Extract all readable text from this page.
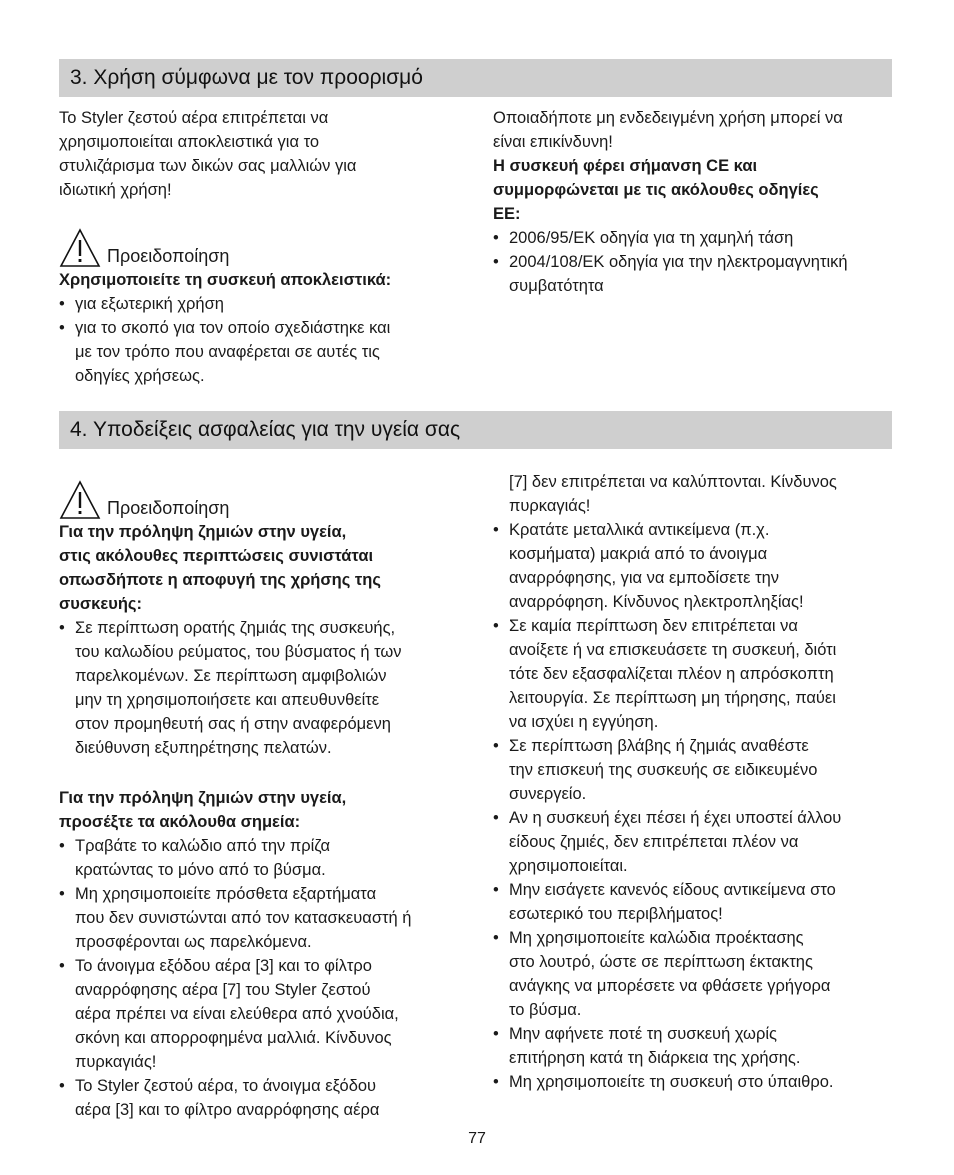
3. Χρήση σύμφωνα με τον προορισμό

Το Styler ζεστού αέρα επιτρέπεται να
χρησιμοποιείται αποκλειστικά για το
στυλιζάρισμα των δικών σας μαλλιών για
ιδιωτική χρήση!

Προειδοποίηση

Χρησιμοποιείτε τη συσκευή αποκλειστικά:

• για εξωτερική χρήση
• για το σκοπό για τον οποίο σχεδιάστηκε και
με τον τρόπο που αναφέρεται σε αυτές τις
οδηγίες χρήσεως.

Οποιαδήποτε μη ενδεδειγμένη χρήση μπορεί να
είναι επικίνδυνη!

Η συσκευή φέρει σήμανση CE και
συμμορφώνεται με τις ακόλουθες οδηγίες
ΕΕ:

• 2006/95/ΕΚ οδηγία για τη χαμηλή τάση
• 2004/108/ΕΚ οδηγία για την ηλεκτρομαγνητική
συμβατότητα
4. Υποδείξεις ασφαλείας για την υγεία σας
Προειδοποίηση

Για την πρόληψη ζημιών στην υγεία,
στις ακόλουθες περιπτώσεις συνιστάται
οπωσδήποτε η αποφυγή της χρήσης της
συσκευής:

• Σε περίπτωση ορατής ζημιάς της συσκευής,
του καλωδίου ρεύματος, του βύσματος ή των
παρελκομένων. Σε περίπτωση αμφιβολιών
μην τη χρησιμοποιήσετε και απευθυνθείτε
στον προμηθευτή σας ή στην αναφερόμενη
διεύθυνση εξυπηρέτησης πελατών.

Για την πρόληψη ζημιών στην υγεία,
προσέξτε τα ακόλουθα σημεία:

• Τραβάτε το καλώδιο από την πρίζα
κρατώντας το μόνο από το βύσμα.
• Μη χρησιμοποιείτε πρόσθετα εξαρτήματα
που δεν συνιστώνται από τον κατασκευαστή ή
προσφέρονται ως παρελκόμενα.
• Το άνοιγμα εξόδου αέρα [3] και το φίλτρο
αναρρόφησης αέρα [7] του Styler ζεστού
αέρα πρέπει να είναι ελεύθερα από χνούδια,
σκόνη και απορροφημένα μαλλιά. Κίνδυνος
πυρκαγιάς!
• Το Styler ζεστού αέρα, το άνοιγμα εξόδου
αέρα [3] και το φίλτρο αναρρόφησης αέρα

[7] δεν επιτρέπεται να καλύπτονται. Κίνδυνος
πυρκαγιάς!

• Κρατάτε μεταλλικά αντικείμενα (π.χ.
κοσμήματα) μακριά από το άνοιγμα
αναρρόφησης, για να εμποδίσετε την
αναρρόφηση. Κίνδυνος ηλεκτροπληξίας!
• Σε καμία περίπτωση δεν επιτρέπεται να
ανοίξετε ή να επισκευάσετε τη συσκευή, διότι
τότε δεν εξασφαλίζεται πλέον η απρόσκοπτη
λειτουργία. Σε περίπτωση μη τήρησης, παύει
να ισχύει η εγγύηση.
• Σε περίπτωση βλάβης ή ζημιάς αναθέστε
την επισκευή της συσκευής σε ειδικευμένο
συνεργείο.
• Αν η συσκευή έχει πέσει ή έχει υποστεί άλλου
είδους ζημιές, δεν επιτρέπεται πλέον να
χρησιμοποιείται.
• Μην εισάγετε κανενός είδους αντικείμενα στο
εσωτερικό του περιβλήματος!
• Μη χρησιμοποιείτε καλώδια προέκτασης
στο λουτρό, ώστε σε περίπτωση έκτακτης
ανάγκης να μπορέσετε να φθάσετε γρήγορα
το βύσμα.
• Μην αφήνετε ποτέ τη συσκευή χωρίς
επιτήρηση κατά τη διάρκεια της χρήσης.
• Μη χρησιμοποιείτε τη συσκευή στο ύπαιθρο.
77
